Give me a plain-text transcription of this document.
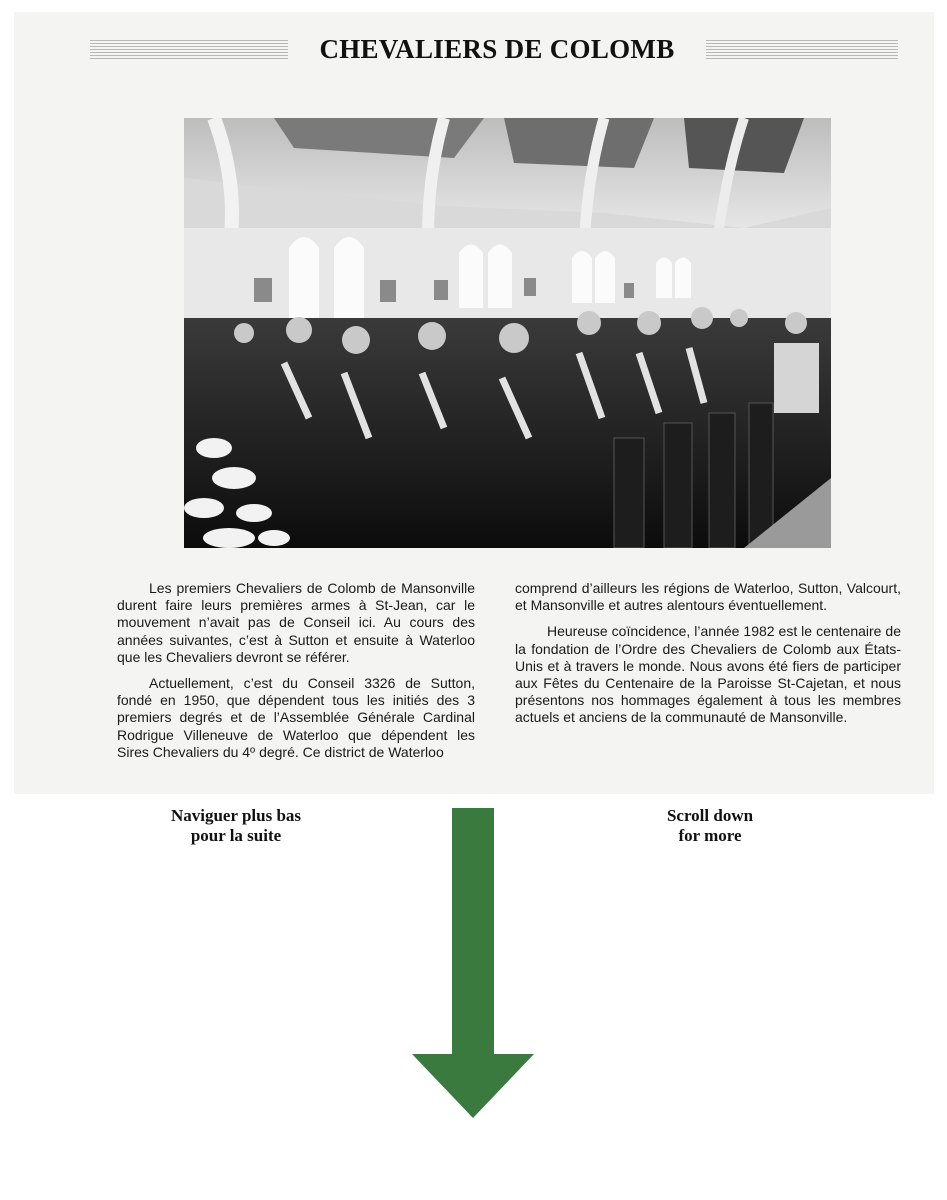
CHEVALIERS DE COLOMB

Les premiers Chevaliers de Colomb de Mansonville durent faire leurs premières armes à St-Jean, car le mouvement n’avait pas de Conseil ici. Au cours des années suivantes, c’est à Sutton et ensuite à Waterloo que les Chevaliers devront se référer.

Actuellement, c’est du Conseil 3326 de Sutton, fondé en 1950, que dépendent tous les initiés des 3 premiers degrés et de l’Assemblée Générale Cardinal Rodrigue Villeneuve de Waterloo que dépendent les Sires Chevaliers du 4º degré. Ce district de Waterloo

comprend d’ailleurs les régions de Waterloo, Sutton, Valcourt, et Mansonville et autres alentours éventuellement.

Heureuse coïncidence, l’année 1982 est le centenaire de la fondation de l’Ordre des Chevaliers de Colomb aux États-Unis et à travers le monde. Nous avons été fiers de participer aux Fêtes du Centenaire de la Paroisse St-Cajetan, et nous présentons nos hommages également à tous les membres actuels et anciens de la communauté de Mansonville.

Naviguer plus bas
pour la suite
Scroll down
for more
